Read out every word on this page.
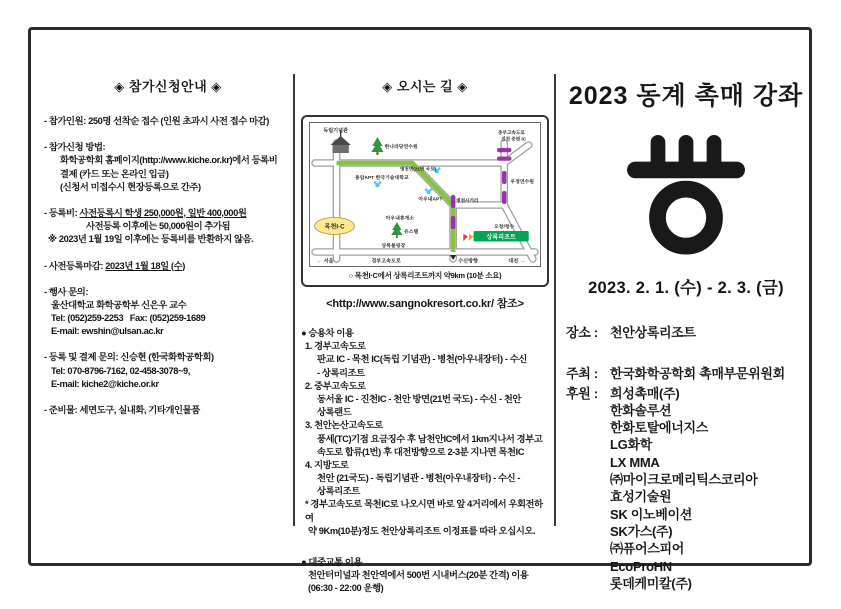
◈ 참가신청안내 ◈
- 참가인원: 250명 선착순 접수 (인원 초과시 사전 접수 마감)
- 참가신청 방법:
화학공학회 홈페이지(http://www.kiche.or.kr)에서 등록비
결제 (카드 또는 온라인 입금)
(신청서 미접수시 현장등록으로 간주)
- 등록비: 사전등록시 학생 250,000원, 일반 400,000원
사전등록 이후에는 50,000원이 추가됨
※ 2023년 1월 19일 이후에는 등록비를 반환하지 않음.
- 사전등록마감: 2023년 1월 18일 (수)
- 행사 문의:
울산대학교 화학공학부 신은우 교수
Tel: (052)259-2253   Fax: (052)259-1689
E-mail: ewshin@ulsan.ac.kr
- 등록 및 결제 문의: 신승현 (한국화학공학회)
Tel: 070-8796-7162, 02-458-3078~9,
E-mail: kiche2@kiche.or.kr
- 준비물: 세면도구, 실내화, 기타개인물품
◈ 오시는 길 ◈
목천I·C
상록리조트
독립기념관
한나라당연수원
병천면(21번 국도)
용암APT 한국기술대학교
아우내APT
중부고속도로
진천 증평 IC
우정연수원
오창/청수
병천사거리
아우내휴게소
유스텔
상록볼링장
← 서울	경부고속도로	수신방향	대전 →
○ 목천I·C에서 상록리조트까지 약9km (10분 소요)
<http://www.sangnokresort.co.kr/ 참조>
● 승용차 이용
1. 경부고속도로
판교 IC - 목천 IC(독립 기념관) - 병천(아우내장터) - 수신
- 상록리조트
2. 중부고속도로
동서울 IC - 진천IC - 천안 방면(21번 국도) - 수신 - 천안
상록랜드
3. 천안논산고속도로
풍세(TC)기점 요금징수 후 남천안IC에서 1km지나서 경부고
속도로 합류(1번) 후 대전방향으로 2-3분 지나면 목천IC
4. 지방도로
천안 (21국도) - 독립기념관 - 병천(아우내장터) - 수신 -
상록리조트
* 경부고속도로 목천IC로 나오시면 바로 앞 4거리에서 우회전하여
약 9Km(10분)정도 천안상록리조트 이정표를 따라 오십시오.
● 대중교통 이용
천안터미널과 천안역에서 500번 시내버스(20분 간격) 이용
(06:30 - 22:00 운행)
2023 동계 촉매 강좌
2023. 2. 1. (수) - 2. 3. (금)
장소 : 천안상록리조트
주최 : 한국화학공학회 촉매부문위원회
후원 : 희성촉매(주)
한화솔루션
한화토탈에너지스
LG화학
LX MMA
㈜마이크로메리틱스코리아
효성기술원
SK 이노베이션
SK가스(주)
㈜퓨어스피어
EcoProHN
롯데케미칼(주)
